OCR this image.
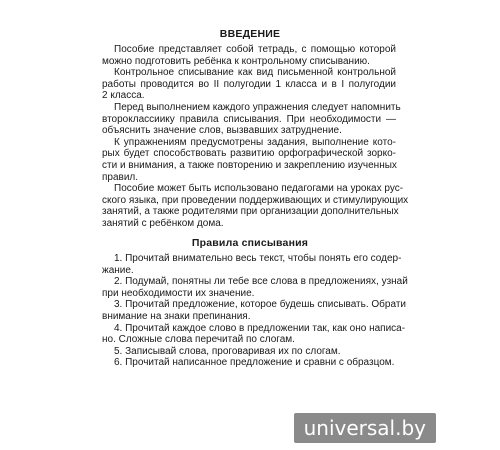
ВВЕДЕНИЕ
Пособие представляет собой тетрадь, с помощью которой
можно подготовить ребёнка к контрольному списыванию.
Контрольное списывание как вид письменной контрольной
работы проводится во II полугодии 1 класса и в I полугодии
2 класса.
Перед выполнением каждого упражнения следует напомнить
второклассиику правила списывания. При необходимости —
объяснить значение слов, вызвавших затруднение.
К упражнениям предусмотрены задания, выполнение кото-
рых будет способствовать развитию орфографической зорко-
сти и внимания, а также повторению и закреплению изученных
правил.
Пособие может быть использовано педагогами на уроках рус-
ского языка, при проведении поддерживающих и стимулирующих
занятий, а также родителями при организации дополнительных
занятий с ребёнком дома.
Правила списывания
1. Прочитай внимательно весь текст, чтобы понять его содер-
жание.
2. Подумай, понятны ли тебе все слова в предложениях, узнай
при необходимости их значение.
3. Прочитай предложение, которое будешь списывать. Обрати
внимание на знаки препинания.
4. Прочитай каждое слово в предложении так, как оно написа-
но. Сложные слова перечитай по слогам.
5. Записывай слова, проговаривая их по слогам.
6. Прочитай написанное предложение и сравни с образцом.
universal.by
